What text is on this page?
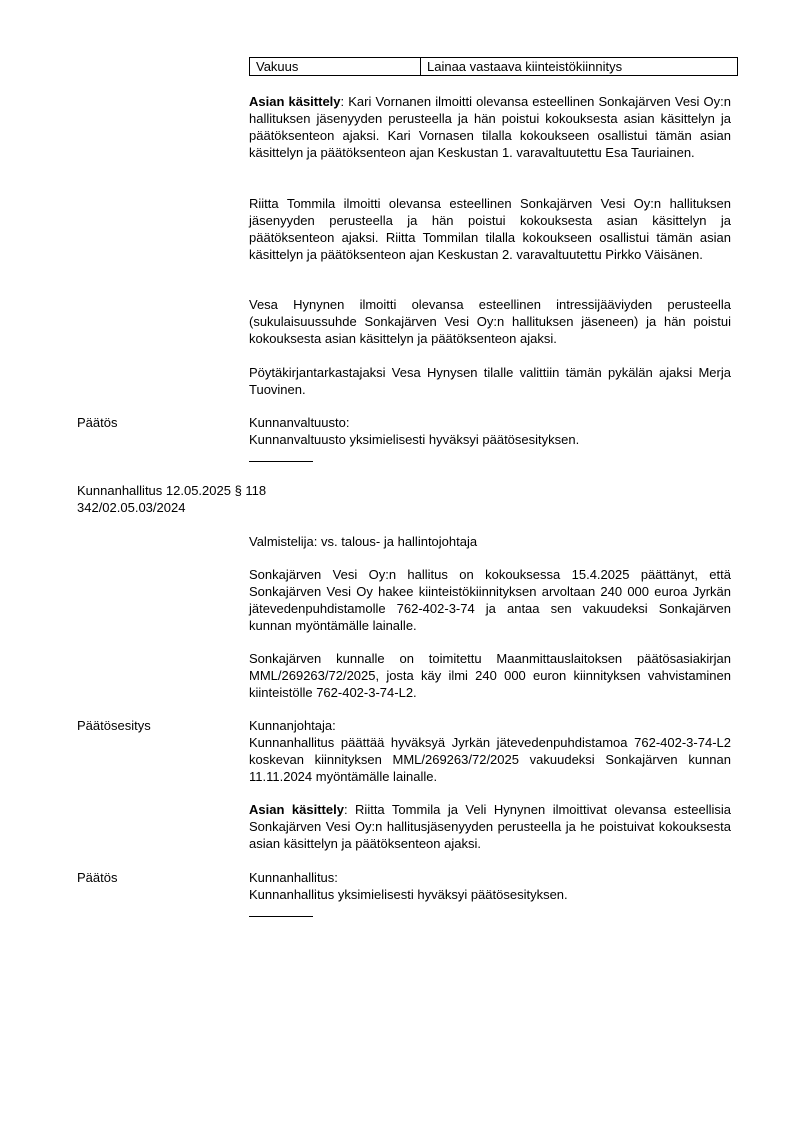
Vakuus	Lainaa vastaava kiinteistökiinnitys

Asian käsittely: Kari Vornanen ilmoitti olevansa esteellinen Sonkajärven Vesi Oy:n hallituksen jäsenyyden perusteella ja hän poistui kokouksesta asian käsittelyn ja päätöksenteon ajaksi. Kari Vornasen tilalla kokoukseen osallistui tämän asian käsittelyn ja päätöksenteon ajan Keskustan 1. varavaltuutettu Esa Tauriainen.

Riitta Tommila ilmoitti olevansa esteellinen Sonkajärven Vesi Oy:n hallituksen jäsenyyden perusteella ja hän poistui kokouksesta asian käsittelyn ja päätöksenteon ajaksi. Riitta Tommilan tilalla kokoukseen osallistui tämän asian käsittelyn ja päätöksenteon ajan Keskustan 2. varavaltuutettu Pirkko Väisänen.

Vesa Hynynen ilmoitti olevansa esteellinen intressijääviyden perusteella (sukulaisuussuhde Sonkajärven Vesi Oy:n hallituksen jäseneen) ja hän poistui kokouksesta asian käsittelyn ja päätöksenteon ajaksi.

Pöytäkirjantarkastajaksi Vesa Hynysen tilalle valittiin tämän pykälän ajaksi Merja Tuovinen.

Päätös	Kunnanvaltuusto:
Kunnanvaltuusto yksimielisesti hyväksyi päätösesityksen.
Kunnanhallitus 12.05.2025 § 118
342/02.05.03/2024
Valmistelija: vs. talous- ja hallintojohtaja

Sonkajärven Vesi Oy:n hallitus on kokouksessa 15.4.2025 päättänyt, että Sonkajärven Vesi Oy hakee kiinteistökiinnityksen arvoltaan 240 000 euroa Jyrkän jätevedenpuhdistamolle 762-402-3-74 ja antaa sen vakuudeksi Sonkajärven kunnan myöntämälle lainalle.

Sonkajärven kunnalle on toimitettu Maanmittauslaitoksen päätösasiakirjan MML/269263/72/2025, josta käy ilmi 240 000 euron kiinnityksen vahvistaminen kiinteistölle 762-402-3-74-L2.

Päätösesitys	Kunnanjohtaja:
Kunnanhallitus päättää hyväksyä Jyrkän jätevedenpuhdistamoa 762-402-3-74-L2 koskevan kiinnityksen MML/269263/72/2025 vakuudeksi Sonkajärven kunnan 11.11.2024 myöntämälle lainalle.

Asian käsittely: Riitta Tommila ja Veli Hynynen ilmoittivat olevansa esteellisia Sonkajärven Vesi Oy:n hallitusjäsenyyden perusteella ja he poistuivat kokouksesta asian käsittelyn ja päätöksenteon ajaksi.

Päätös	Kunnanhallitus:
Kunnanhallitus yksimielisesti hyväksyi päätösesityksen.
